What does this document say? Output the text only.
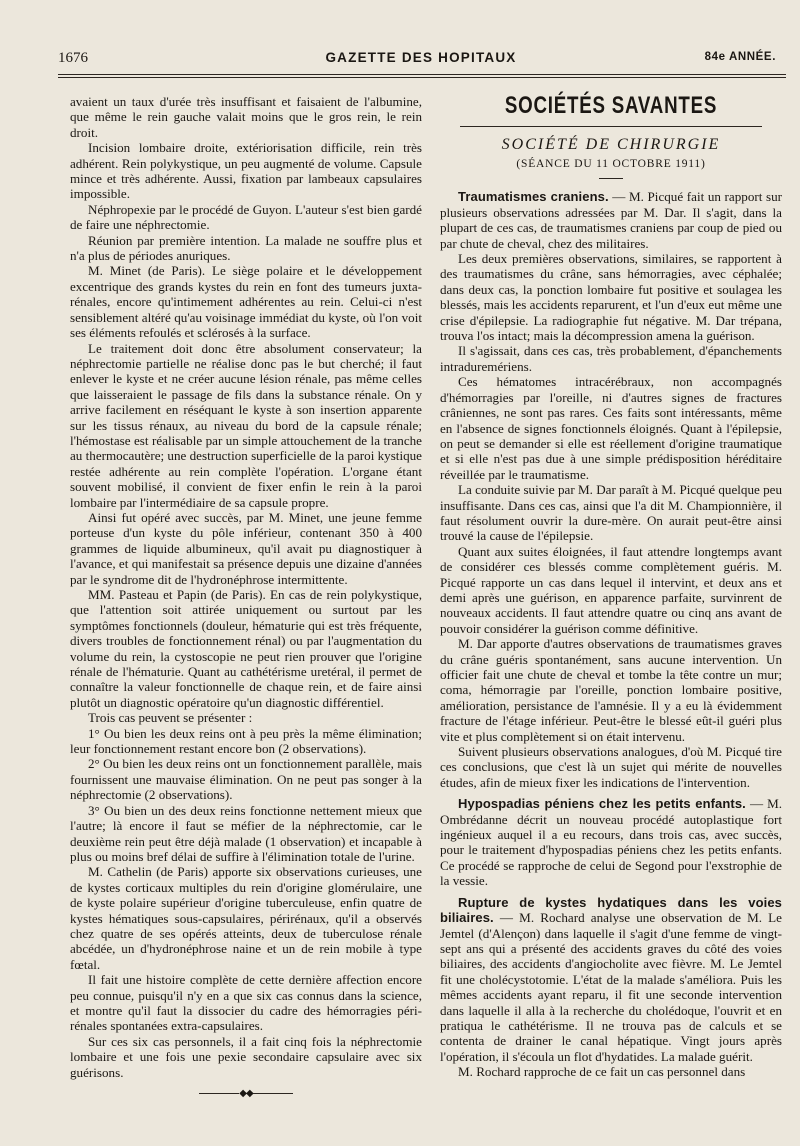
1676	GAZETTE DES HOPITAUX	84e ANNÉE.

avaient un taux d'urée très insuffisant et faisaient de l'albumine, que même le rein gauche valait moins que le gros rein, le rein droit.

Incision lombaire droite, extériorisation difficile, rein très adhérent. Rein polykystique, un peu augmenté de volume. Capsule mince et très adhérente. Aussi, fixation par lambeaux capsulaires impossible.

Néphropexie par le procédé de Guyon. L'auteur s'est bien gardé de faire une néphrectomie.

Réunion par première intention. La malade ne souffre plus et n'a plus de périodes anuriques.

M. Minet (de Paris). Le siège polaire et le développement excentrique des grands kystes du rein en font des tumeurs juxta-rénales, encore qu'intimement adhérentes au rein. Celui-ci n'est sensiblement altéré qu'au voisinage immédiat du kyste, où l'on voit ses éléments refoulés et sclérosés à la surface.

Le traitement doit donc être absolument conservateur; la néphrectomie partielle ne réalise donc pas le but cherché; il faut enlever le kyste et ne créer aucune lésion rénale, pas même celles que laisseraient le passage de fils dans la substance rénale. On y arrive facilement en réséquant le kyste à son insertion apparente sur les tissus rénaux, au niveau du bord de la capsule rénale; l'hémostase est réalisable par un simple attouchement de la tranche au thermocautère; une destruction superficielle de la paroi kystique restée adhérente au rein complète l'opération. L'organe étant souvent mobilisé, il convient de fixer enfin le rein à la paroi lombaire par l'intermédiaire de sa capsule propre.

Ainsi fut opéré avec succès, par M. Minet, une jeune femme porteuse d'un kyste du pôle inférieur, contenant 350 à 400 grammes de liquide albumineux, qu'il avait pu diagnostiquer à l'avance, et qui manifestait sa présence depuis une dizaine d'années par le syndrome dit de l'hydronéphrose intermittente.

MM. Pasteau et Papin (de Paris). En cas de rein polykystique, que l'attention soit attirée uniquement ou surtout par les symptômes fonctionnels (douleur, hématurie qui est très fréquente, divers troubles de fonctionnement rénal) ou par l'augmentation du volume du rein, la cystoscopie ne peut rien prouver que l'origine rénale de l'hématurie. Quant au cathétérisme uretéral, il permet de connaître la valeur fonctionnelle de chaque rein, et de faire ainsi plutôt un diagnostic opératoire qu'un diagnostic différentiel.

Trois cas peuvent se présenter :

1° Ou bien les deux reins ont à peu près la même élimination; leur fonctionnement restant encore bon (2 observations).

2° Ou bien les deux reins ont un fonctionnement parallèle, mais fournissent une mauvaise élimination. On ne peut pas songer à la néphrectomie (2 observations).

3° Ou bien un des deux reins fonctionne nettement mieux que l'autre; là encore il faut se méfier de la néphrectomie, car le deuxième rein peut être déjà malade (1 observation) et incapable à plus ou moins bref délai de suffire à l'élimination totale de l'urine.

M. Cathelin (de Paris) apporte six observations curieuses, une de kystes corticaux multiples du rein d'origine glomérulaire, une de kyste polaire supérieur d'origine tuberculeuse, enfin quatre de kystes hématiques sous-capsulaires, périrénaux, qu'il a observés chez quatre de ses opérés atteints, deux de tuberculose rénale abcédée, un d'hydronéphrose naine et un de rein mobile à type fœtal.

Il fait une histoire complète de cette dernière affection encore peu connue, puisqu'il n'y en a que six cas connus dans la science, et montre qu'il faut la dissocier du cadre des hémorragies péri-rénales spontanées extra-capsulaires.

Sur ces six cas personnels, il a fait cinq fois la néphrectomie lombaire et une fois une pexie secondaire capsulaire avec six guérisons.

◆◆
SOCIÉTÉS SAVANTES
SOCIÉTÉ DE CHIRURGIE
(SÉANCE DU 11 OCTOBRE 1911)

Traumatismes craniens. — M. Picqué fait un rapport sur plusieurs observations adressées par M. Dar. Il s'agit, dans la plupart de ces cas, de traumatismes craniens par coup de pied ou par chute de cheval, chez des militaires.

Les deux premières observations, similaires, se rapportent à des traumatismes du crâne, sans hémorragies, avec céphalée; dans deux cas, la ponction lombaire fut positive et soulagea les blessés, mais les accidents reparurent, et l'un d'eux eut même une crise d'épilepsie. La radiographie fut négative. M. Dar trépana, trouva l'os intact; mais la décompression amena la guérison.

Il s'agissait, dans ces cas, très probablement, d'épanchements intraduremériens.

Ces hématomes intracérébraux, non accompagnés d'hémorragies par l'oreille, ni d'autres signes de fractures crâniennes, ne sont pas rares. Ces faits sont intéressants, même en l'absence de signes fonctionnels éloignés. Quant à l'épilepsie, on peut se demander si elle est réellement d'origine traumatique et si elle n'est pas due à une simple prédisposition héréditaire réveillée par le traumatisme.

La conduite suivie par M. Dar paraît à M. Picqué quelque peu insuffisante. Dans ces cas, ainsi que l'a dit M. Championnière, il faut résolument ouvrir la dure-mère. On aurait peut-être ainsi trouvé la cause de l'épilepsie.

Quant aux suites éloignées, il faut attendre longtemps avant de considérer ces blessés comme complètement guéris. M. Picqué rapporte un cas dans lequel il intervint, et deux ans et demi après une guérison, en apparence parfaite, survinrent de nouveaux accidents. Il faut attendre quatre ou cinq ans avant de pouvoir considérer la guérison comme définitive.

M. Dar apporte d'autres observations de traumatismes graves du crâne guéris spontanément, sans aucune intervention. Un officier fait une chute de cheval et tombe la tête contre un mur; coma, hémorragie par l'oreille, ponction lombaire positive, amélioration, persistance de l'amnésie. Il y a eu là évidemment fracture de l'étage inférieur. Peut-être le blessé eût-il guéri plus vite et plus complètement si on était intervenu.

Suivent plusieurs observations analogues, d'où M. Picqué tire ces conclusions, que c'est là un sujet qui mérite de nouvelles études, afin de mieux fixer les indications de l'intervention.

Hypospadias péniens chez les petits enfants. — M. Ombrédanne décrit un nouveau procédé autoplastique fort ingénieux auquel il a eu recours, dans trois cas, avec succès, pour le traitement d'hypospadias péniens chez les petits enfants. Ce procédé se rapproche de celui de Segond pour l'exstrophie de la vessie.

Rupture de kystes hydatiques dans les voies biliaires. — M. Rochard analyse une observation de M. Le Jemtel (d'Alençon) dans laquelle il s'agit d'une femme de vingt-sept ans qui a présenté des accidents graves du côté des voies biliaires, des accidents d'angiocholite avec fièvre. M. Le Jemtel fit une cholécystotomie. L'état de la malade s'améliora. Puis les mêmes accidents ayant reparu, il fit une seconde intervention dans laquelle il alla à la recherche du cholédoque, l'ouvrit et en pratiqua le cathétérisme. Il ne trouva pas de calculs et se contenta de drainer le canal hépatique. Vingt jours après l'opération, il s'écoula un flot d'hydatides. La malade guérit.

M. Rochard rapproche de ce fait un cas personnel dans
